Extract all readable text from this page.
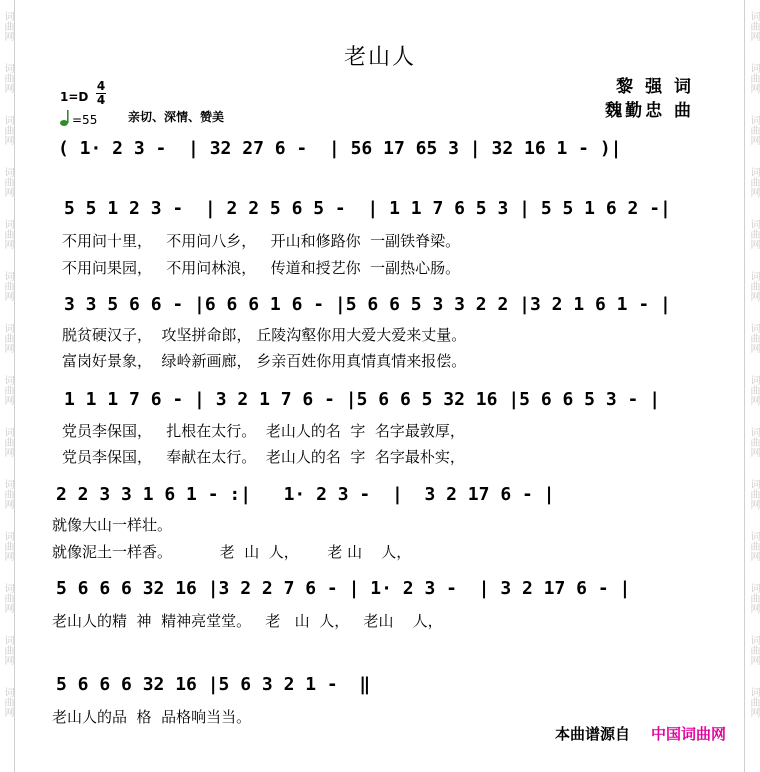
词曲网
词曲网
词曲网
词曲网
词曲网
词曲网
词曲网
词曲网
词曲网
词曲网
词曲网
词曲网
词曲网
词曲网
词曲网
词曲网
词曲网
词曲网
词曲网
词曲网
词曲网
词曲网
词曲网
词曲网
词曲网
词曲网
词曲网
词曲网
老山人
黎 强 词
魏勤忠 曲
1=D
4
4
=55	亲切、深情、赞美
( 1· 2 3 -  | 32 27 6 -  | 56 17 65 3 | 32 16 1 - )|
5 5 1 2 3 -  | 2 2 5 6 5 -  | 1 1 7 6 5 3 | 5 5 1 6 2 -|
不用问十里，   不用问八乡，   开山和修路你  一副铁脊梁。
不用问果园，   不用问林浪，   传道和授艺你  一副热心肠。
3 3 5 6 6 - |6 6 6 1 6 - |5 6 6 5 3 3 2 2 |3 2 1 6 1 - |
脱贫硬汉子，  攻坚拼命郎， 丘陵沟壑你用大爱大爱来丈量。
富岗好景象，  绿岭新画廊， 乡亲百姓你用真情真情来报偿。
1 1 1 7 6 - | 3 2 1 7 6 - |5 6 6 5 32 16 |5 6 6 5 3 - |
党员李保国，   扎根在太行。  老山人的名  字  名字最敦厚，
党员李保国，   奉献在太行。  老山人的名  字  名字最朴实，
2 2 3 3 1 6 1 - :|   1· 2 3 -  |  3 2 17 6 - |
就像大山一样壮。
就像泥土一样香。          老  山  人，      老 山    人，
5 6 6 6 32 16 |3 2 2 7 6 - | 1· 2 3 -  | 3 2 17 6 - |
老山人的精  神  精神亮堂堂。   老   山  人，   老山    人，
5 6 6 6 32 16 |5 6 3 2 1 -  ‖
老山人的品  格  品格响当当。
本曲谱源自 中国词曲网
